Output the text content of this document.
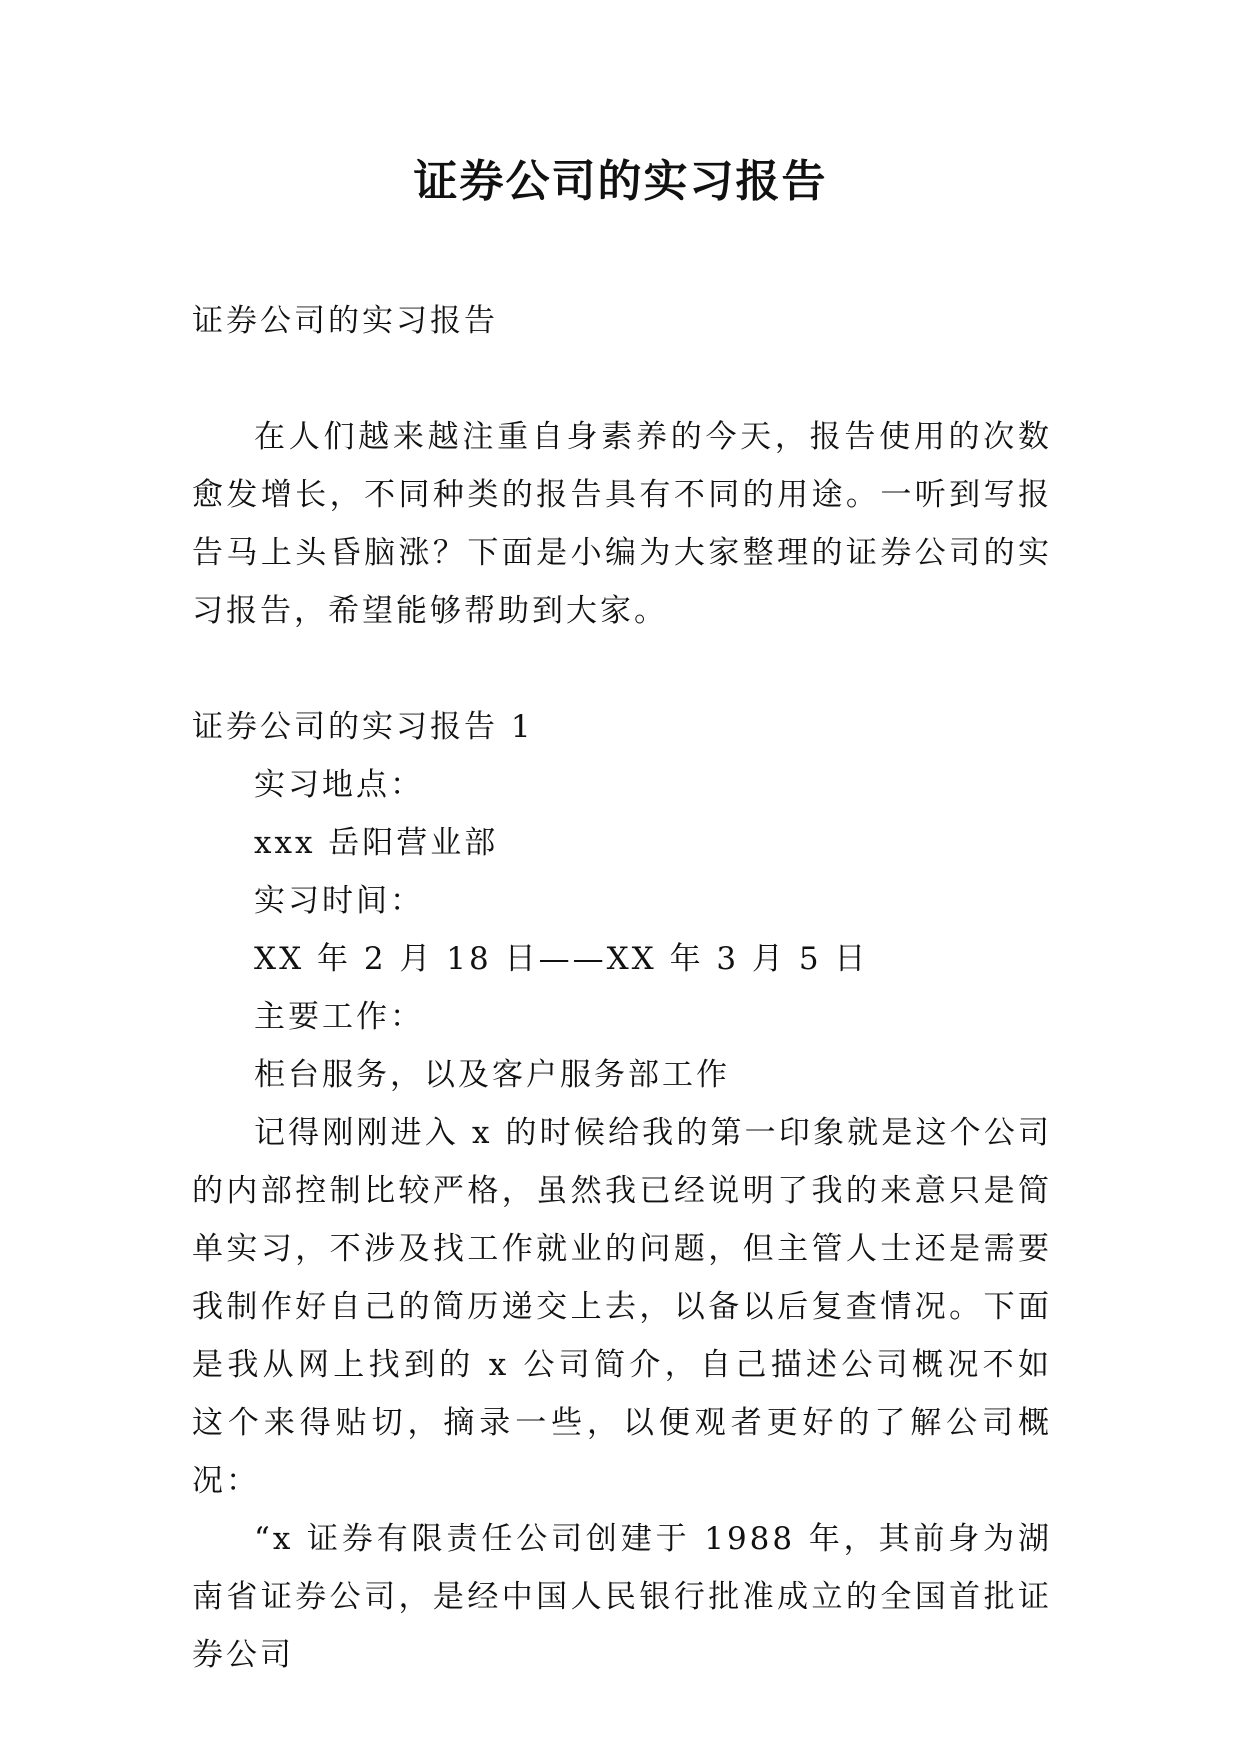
证券公司的实习报告

证券公司的实习报告

在人们越来越注重自身素养的今天，报告使用的次数愈发增长，不同种类的报告具有不同的用途。一听到写报告马上头昏脑涨？下面是小编为大家整理的证券公司的实习报告，希望能够帮助到大家。

证券公司的实习报告 1

实习地点：

xxx 岳阳营业部

实习时间：

XX 年 2 月 18 日——XX 年 3 月 5 日

主要工作：

柜台服务，以及客户服务部工作

记得刚刚进入 x 的时候给我的第一印象就是这个公司的内部控制比较严格，虽然我已经说明了我的来意只是简单实习，不涉及找工作就业的问题，但主管人士还是需要我制作好自己的简历递交上去，以备以后复查情况。下面是我从网上找到的 x 公司简介，自己描述公司概况不如这个来得贴切，摘录一些，以便观者更好的了解公司概况：

“x 证券有限责任公司创建于 1988 年，其前身为湖南省证券公司，是经中国人民银行批准成立的全国首批证券公司
